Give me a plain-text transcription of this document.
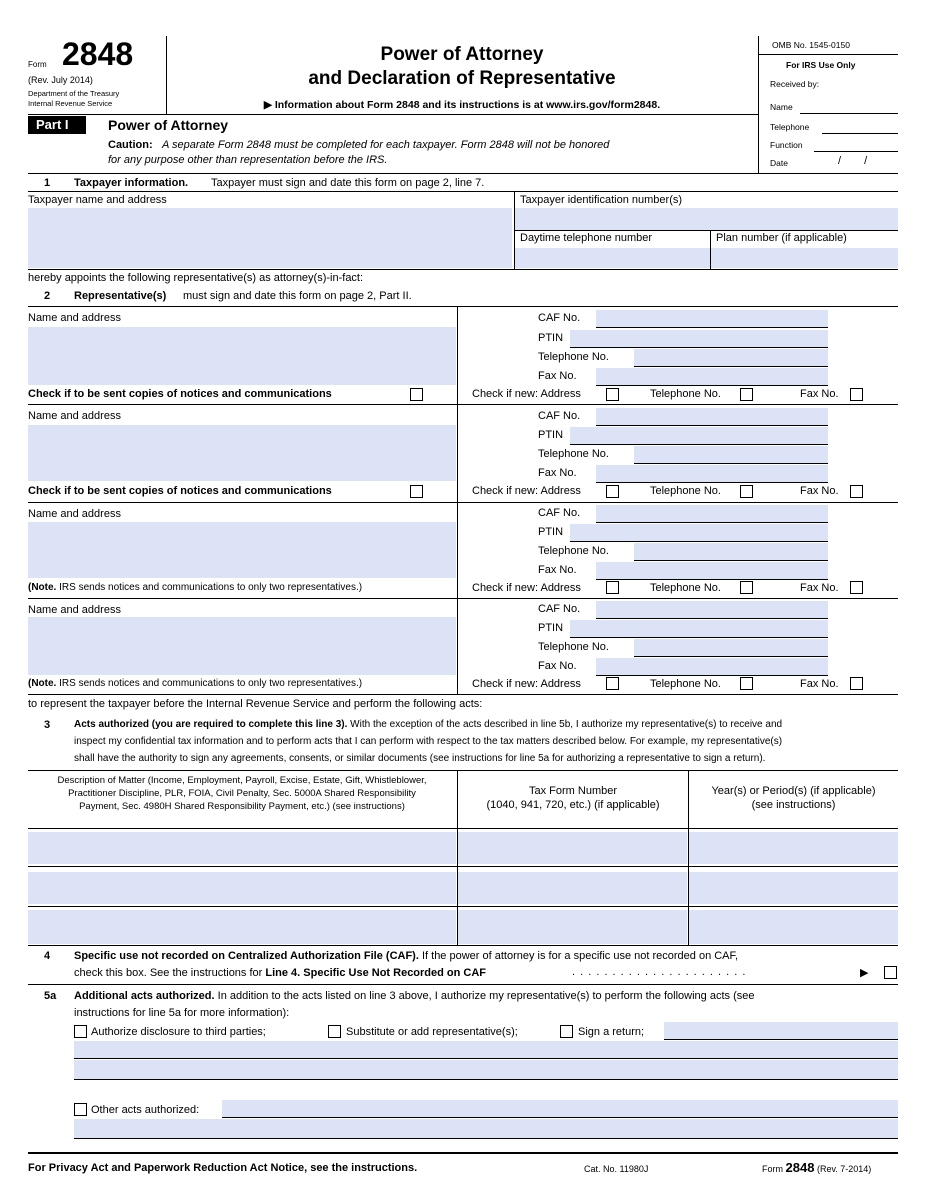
Form 2848
(Rev. July 2014)
Department of the Treasury
Internal Revenue Service
Power of Attorney
and Declaration of Representative
▶ Information about Form 2848 and its instructions is at www.irs.gov/form2848.
OMB No. 1545-0150
For IRS Use Only
Received by:
Name
Telephone
Function
Date	/ /
Part I	Power of Attorney
Caution: A separate Form 2848 must be completed for each taxpayer. Form 2848 will not be honored
for any purpose other than representation before the IRS.
1 Taxpayer information. Taxpayer must sign and date this form on page 2, line 7.
Taxpayer name and address	Taxpayer identification number(s)
Daytime telephone number	Plan number (if applicable)
hereby appoints the following representative(s) as attorney(s)-in-fact:
2 Representative(s) must sign and date this form on page 2, Part II.
Name and address	CAF No.
PTIN
Telephone No.
Fax No.
Check if to be sent copies of notices and communications	Check if new: Address	Telephone No.	Fax No.
Name and address	CAF No.
PTIN
Telephone No.
Fax No.
Check if to be sent copies of notices and communications	Check if new: Address	Telephone No.	Fax No.
Name and address	CAF No.
PTIN
Telephone No.
Fax No.
(Note. IRS sends notices and communications to only two representatives.)	Check if new: Address	Telephone No.	Fax No.
Name and address	CAF No.
PTIN
Telephone No.
Fax No.
(Note. IRS sends notices and communications to only two representatives.)	Check if new: Address	Telephone No.	Fax No.
to represent the taxpayer before the Internal Revenue Service and perform the following acts:
3 Acts authorized (you are required to complete this line 3). With the exception of the acts described in line 5b, I authorize my representative(s) to receive and
inspect my confidential tax information and to perform acts that I can perform with respect to the tax matters described below. For example, my representative(s)
shall have the authority to sign any agreements, consents, or similar documents (see instructions for line 5a for authorizing a representative to sign a return).
Description of Matter (Income, Employment, Payroll, Excise, Estate, Gift, Whistleblower,
Practitioner Discipline, PLR, FOIA, Civil Penalty, Sec. 5000A Shared Responsibility
Payment, Sec. 4980H Shared Responsibility Payment, etc.) (see instructions)
Tax Form Number
(1040, 941, 720, etc.) (if applicable)
Year(s) or Period(s) (if applicable)
(see instructions)
4 Specific use not recorded on Centralized Authorization File (CAF). If the power of attorney is for a specific use not recorded on CAF,
check this box. See the instructions for Line 4. Specific Use Not Recorded on CAF	. . . . . . . . . . . . . . . . . . . . . .	▶
5a Additional acts authorized. In addition to the acts listed on line 3 above, I authorize my representative(s) to perform the following acts (see
instructions for line 5a for more information):
Authorize disclosure to third parties;	Substitute or add representative(s);	Sign a return;
Other acts authorized:
For Privacy Act and Paperwork Reduction Act Notice, see the instructions.	Cat. No. 11980J	Form 2848 (Rev. 7-2014)
